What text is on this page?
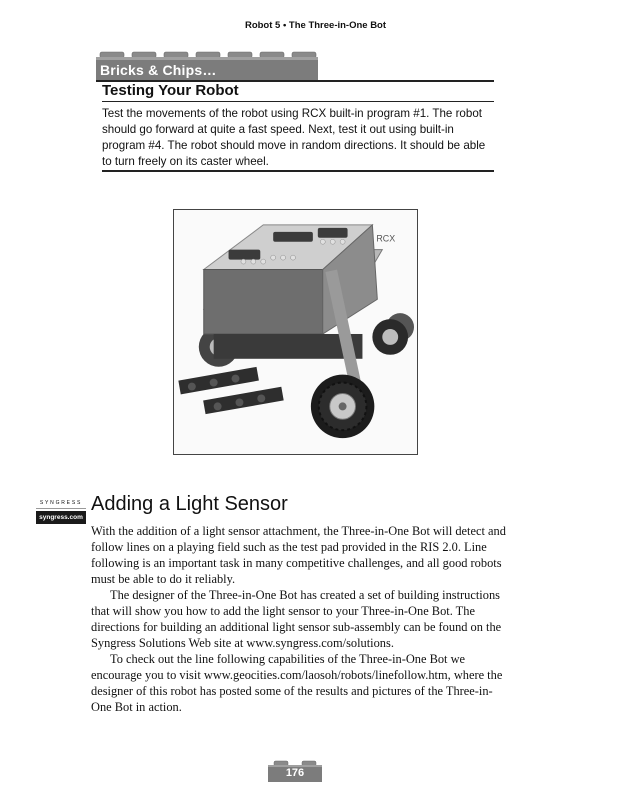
Robot 5 • The Three-in-One Bot
Bricks & Chips…
Testing Your Robot
Test the movements of the robot using RCX built-in program #1. The robot should go forward at quite a fast speed. Next, test it out using built-in program #4. The robot should move in random directions. It should be able to turn freely on its caster wheel.
RCX
SYNGRESS
syngress.com
Adding a Light Sensor

With the addition of a light sensor attachment, the Three-in-One Bot will detect and follow lines on a playing field such as the test pad provided in the RIS 2.0. Line following is an important task in many competitive challenges, and all good robots must be able to do it reliably.

The designer of the Three-in-One Bot has created a set of building instructions that will show you how to add the light sensor to your Three-in-One Bot. The directions for building an additional light sensor sub-assembly can be found on the Syngress Solutions Web site at www.syngress.com/solutions.

To check out the line following capabilities of the Three-in-One Bot we encourage you to visit www.geocities.com/laosoh/robots/linefollow.htm, where the designer of this robot has posted some of the results and pictures of the Three-in-One Bot in action.

176
